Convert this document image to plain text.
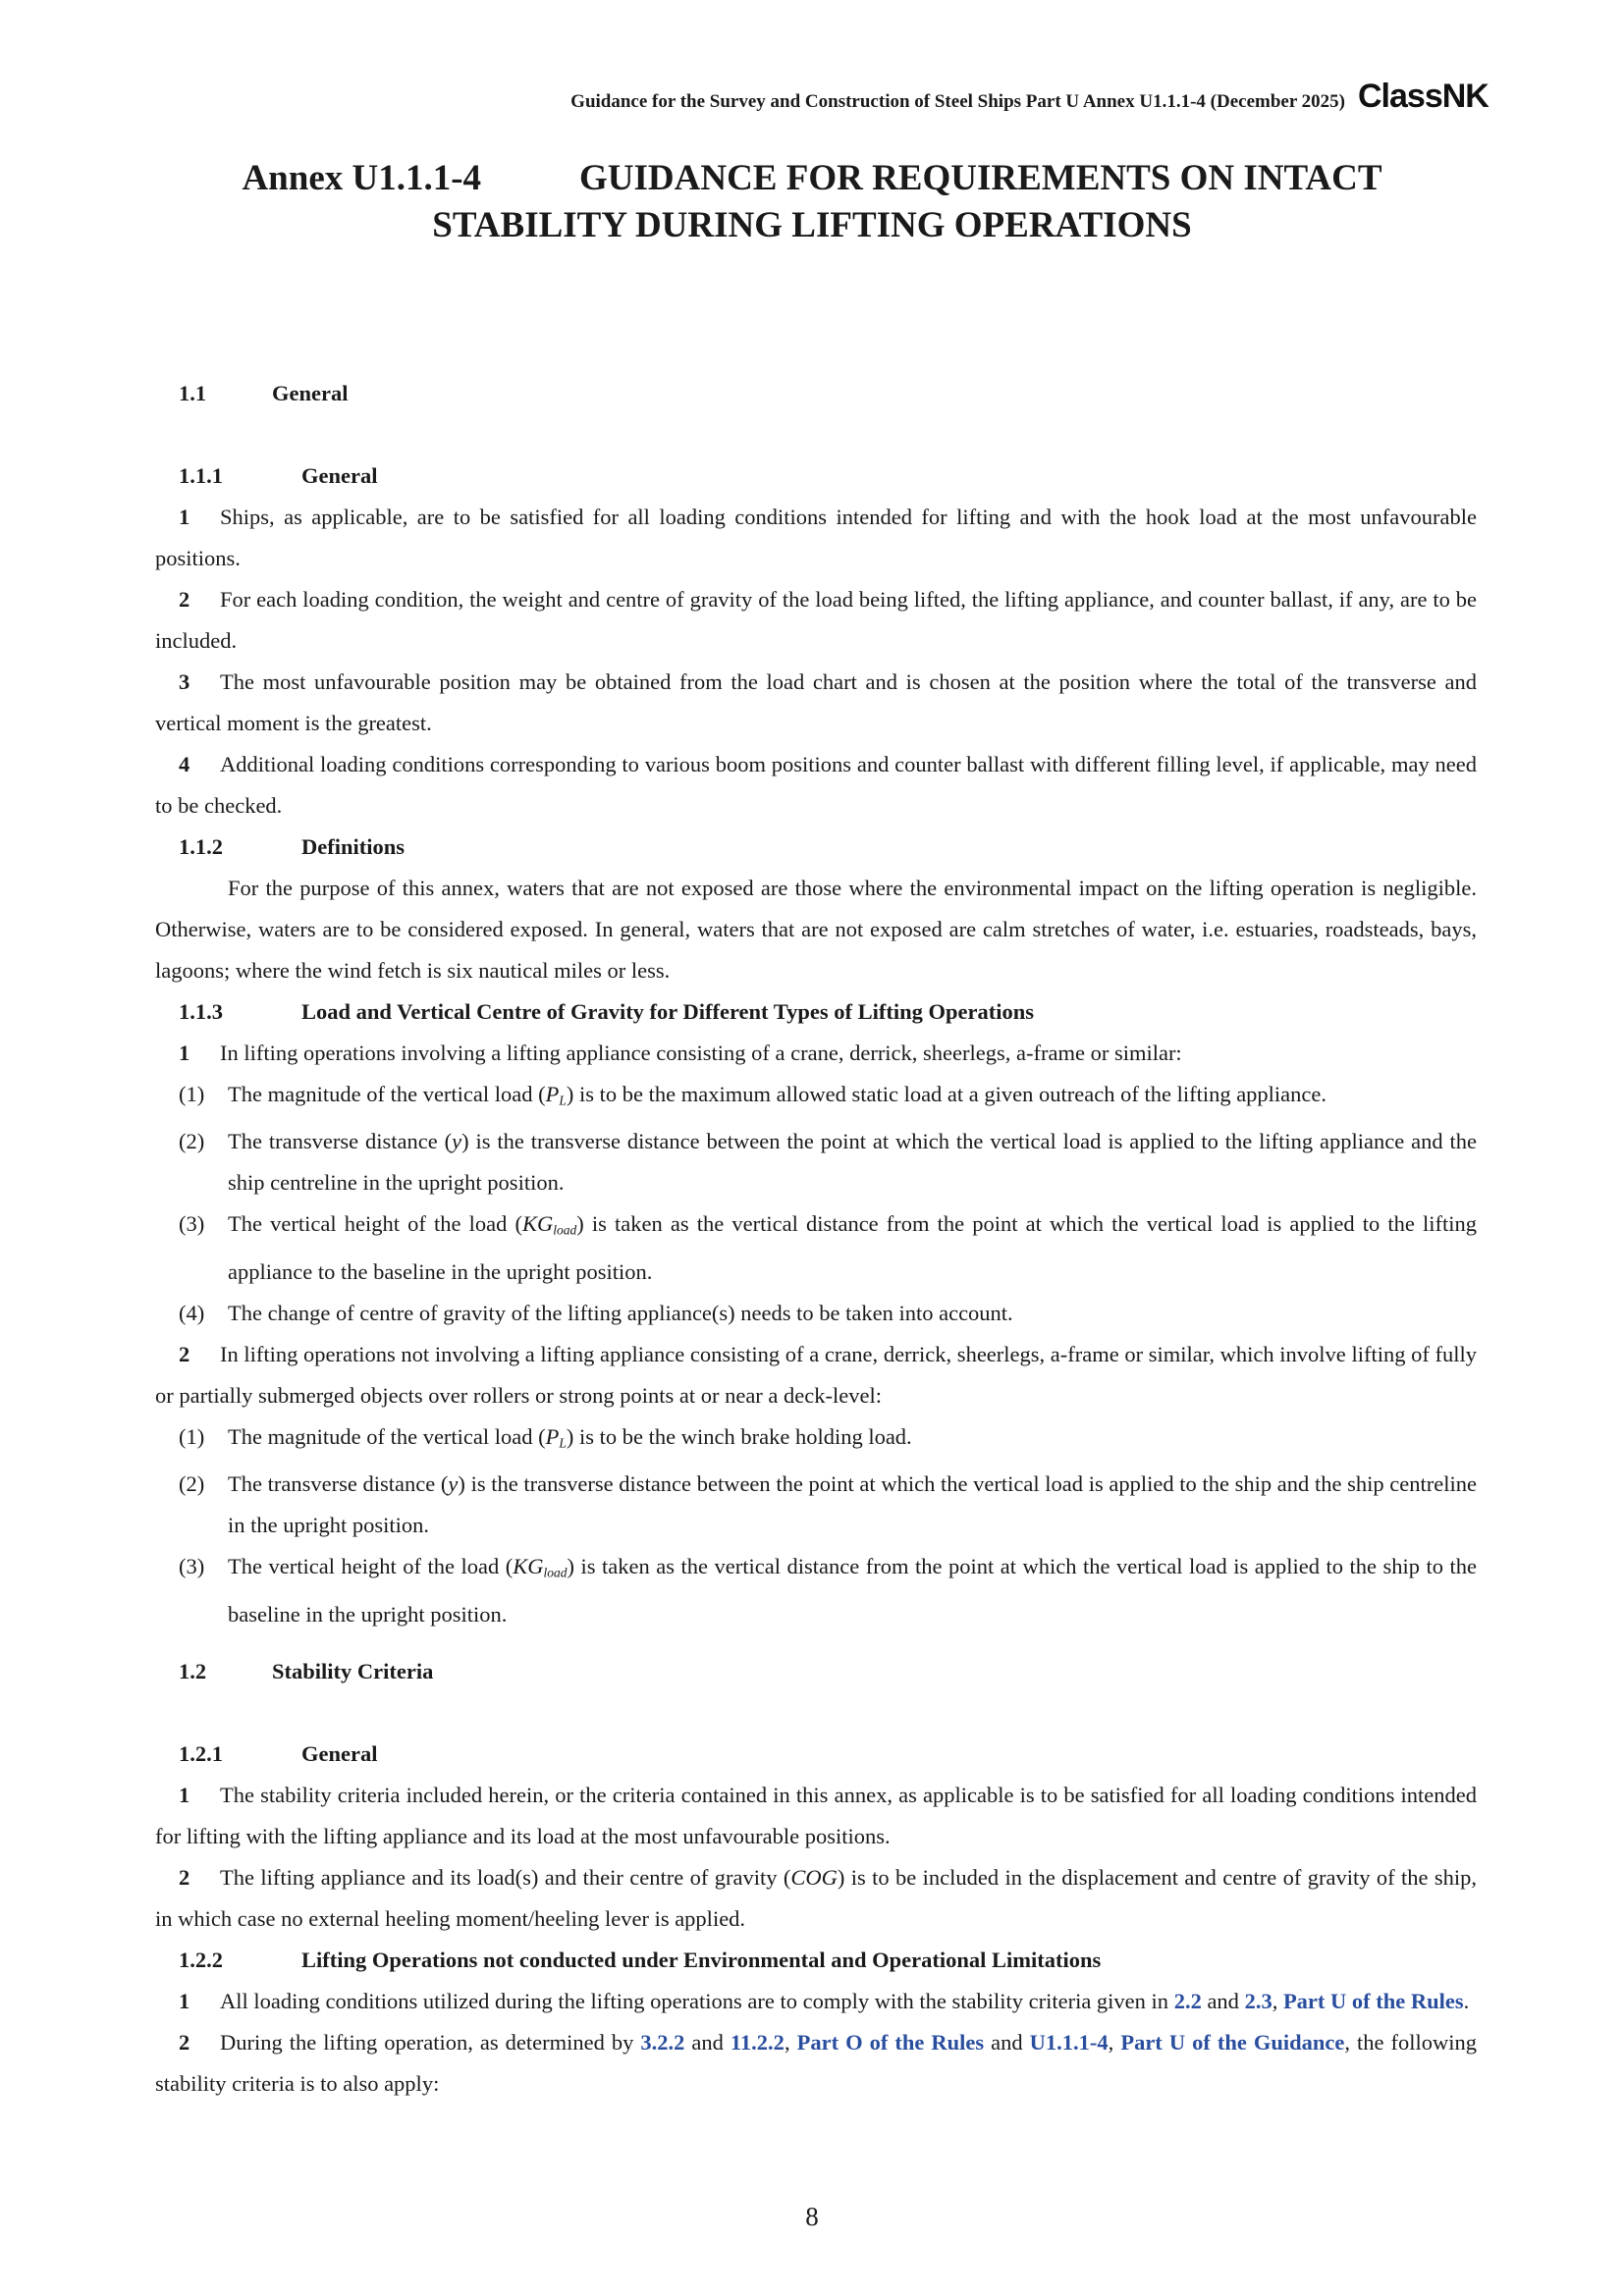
Guidance for the Survey and Construction of Steel Ships Part U Annex U1.1.1-4 (December 2025) ClassNK
Annex U1.1.1-4	GUIDANCE FOR REQUIREMENTS ON INTACT
STABILITY DURING LIFTING OPERATIONS
1.1	General
1.1.1	General

1 Ships, as applicable, are to be satisfied for all loading conditions intended for lifting and with the hook load at the most unfavourable positions.

2 For each loading condition, the weight and centre of gravity of the load being lifted, the lifting appliance, and counter ballast, if any, are to be included.

3 The most unfavourable position may be obtained from the load chart and is chosen at the position where the total of the transverse and vertical moment is the greatest.

4 Additional loading conditions corresponding to various boom positions and counter ballast with different filling level, if applicable, may need to be checked.

1.1.2	Definitions

For the purpose of this annex, waters that are not exposed are those where the environmental impact on the lifting operation is negligible. Otherwise, waters are to be considered exposed. In general, waters that are not exposed are calm stretches of water, i.e. estuaries, roadsteads, bays, lagoons; where the wind fetch is six nautical miles or less.

1.1.3	Load and Vertical Centre of Gravity for Different Types of Lifting Operations

1 In lifting operations involving a lifting appliance consisting of a crane, derrick, sheerlegs, a-frame or similar:

(1)	The magnitude of the vertical load $(P_L)$ is to be the maximum allowed static load at a given outreach of the lifting appliance.

(2)	The transverse distance (y) is the transverse distance between the point at which the vertical load is applied to the lifting appliance and the ship centreline in the upright position.

(3)	The vertical height of the load $(KG_{load})$ is taken as the vertical distance from the point at which the vertical load is applied to the lifting appliance to the baseline in the upright position.

(4)	The change of centre of gravity of the lifting appliance(s) needs to be taken into account.

2 In lifting operations not involving a lifting appliance consisting of a crane, derrick, sheerlegs, a-frame or similar, which involve lifting of fully or partially submerged objects over rollers or strong points at or near a deck-level:

(1)	The magnitude of the vertical load $(P_L)$ is to be the winch brake holding load.

(2)	The transverse distance (y) is the transverse distance between the point at which the vertical load is applied to the ship and the ship centreline in the upright position.

(3)	The vertical height of the load $(KG_{load})$ is taken as the vertical distance from the point at which the vertical load is applied to the ship to the baseline in the upright position.

1.2	Stability Criteria
1.2.1	General

1 The stability criteria included herein, or the criteria contained in this annex, as applicable is to be satisfied for all loading conditions intended for lifting with the lifting appliance and its load at the most unfavourable positions.

2 The lifting appliance and its load(s) and their centre of gravity (COG) is to be included in the displacement and centre of gravity of the ship, in which case no external heeling moment/heeling lever is applied.

1.2.2	Lifting Operations not conducted under Environmental and Operational Limitations

1 All loading conditions utilized during the lifting operations are to comply with the stability criteria given in 2.2 and 2.3, Part U of the Rules.

2 During the lifting operation, as determined by 3.2.2 and 11.2.2, Part O of the Rules and U1.1.1-4, Part U of the Guidance, the following stability criteria is to also apply:

8
